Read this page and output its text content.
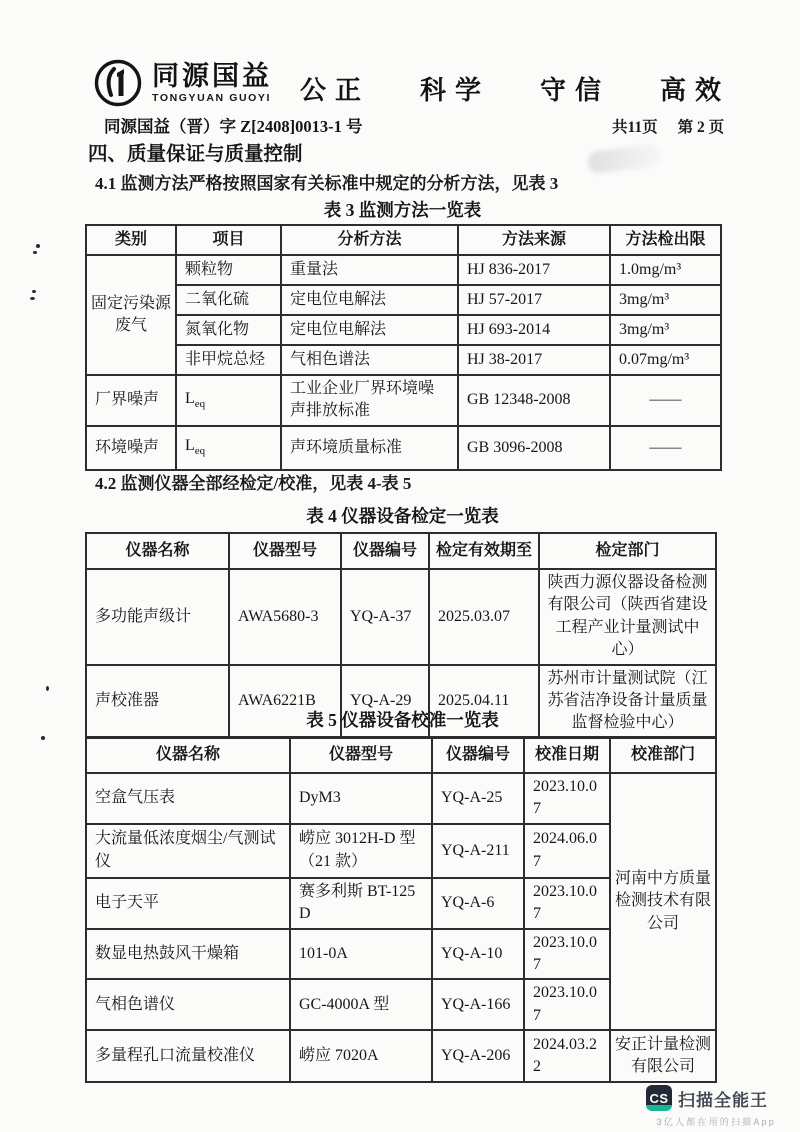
同源国益
TONGYUAN GUOYI 公正 科学 守信 高效
同源国益（晋）字 Z[2408]0013-1 号	共11页 第 2 页
四、质量保证与质量控制

4.1 监测方法严格按照国家有关标准中规定的分析方法，见表 3

表 3 监测方法一览表
类别	项目	分析方法	方法来源	方法检出限
固定污染源废气	颗粒物	重量法	HJ 836-2017	1.0mg/m³
	二氧化硫	定电位电解法	HJ 57-2017	3mg/m³
	氮氧化物	定电位电解法	HJ 693-2014	3mg/m³
	非甲烷总烃	气相色谱法	HJ 38-2017	0.07mg/m³
厂界噪声	$L_{eq}$	工业企业厂界环境噪声排放标准	GB 12348-2008	——
环境噪声	$L_{eq}$	声环境质量标准	GB 3096-2008	——

4.2 监测仪器全部经检定/校准，见表 4-表 5

表 4 仪器设备检定一览表
仪器名称	仪器型号	仪器编号	检定有效期至	检定部门
多功能声级计	AWA5680-3	YQ-A-37	2025.03.07	陕西力源仪器设备检测有限公司（陕西省建设工程产业计量测试中心）
声校准器	AWA6221B	YQ-A-29	2025.04.11	苏州市计量测试院（江苏省洁净设备计量质量监督检验中心）
表 5 仪器设备校准一览表
仪器名称	仪器型号	仪器编号	校准日期	校准部门
空盒气压表	DyM3	YQ-A-25	2023.10.07	河南中方质量检测技术有限公司
大流量低浓度烟尘/气测试仪	崂应 3012H-D 型（21 款）	YQ-A-211	2024.06.07	
电子天平	赛多利斯 BT-125D	YQ-A-6	2023.10.07	
数显电热鼓风干燥箱	101-0A	YQ-A-10	2023.10.07	
气相色谱仪	GC-4000A 型	YQ-A-166	2023.10.07	
多量程孔口流量校准仪	崂应 7020A	YQ-A-206	2024.03.22	安正计量检测有限公司
CS 扫描全能王
3亿人都在用的扫描App
